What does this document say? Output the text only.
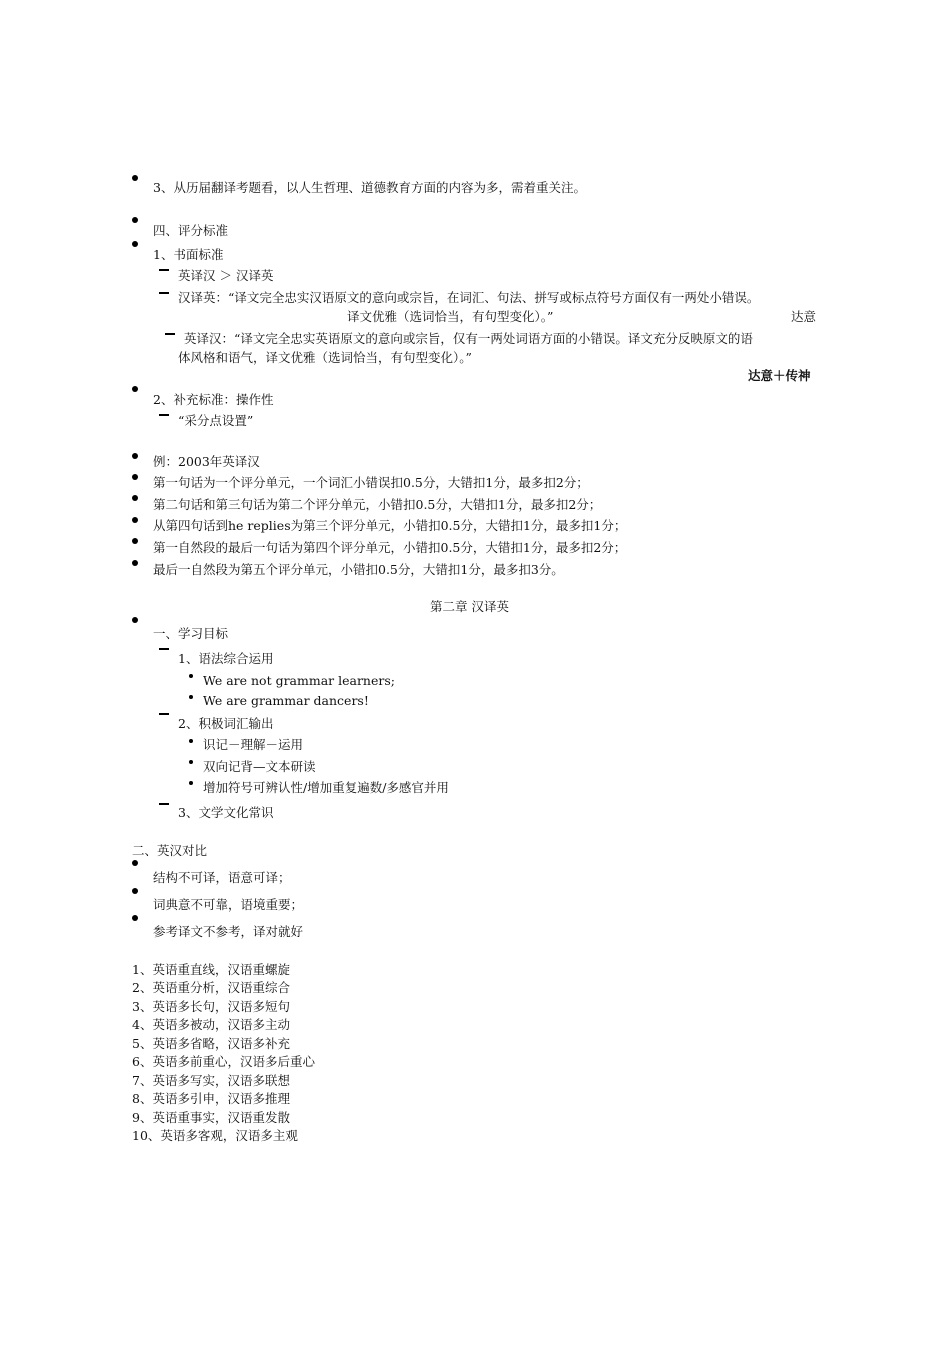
3、从历届翻译考题看，以人生哲理、道德教育方面的内容为多，需着重关注。
四、评分标准
1、书面标准
英译汉 ＞ 汉译英
汉译英：“译文完全忠实汉语原文的意向或宗旨，在词汇、句法、拼写或标点符号方面仅有一两处小错误。
译文优雅（选词恰当，有句型变化）。”	达意
英译汉：“译文完全忠实英语原文的意向或宗旨，仅有一两处词语方面的小错误。译文充分反映原文的语
体风格和语气，译文优雅（选词恰当，有句型变化）。”
达意＋传神
2、补充标准：操作性
“采分点设置”
例：2003年英译汉
第一句话为一个评分单元，一个词汇小错误扣0.5分，大错扣1分，最多扣2分；
第二句话和第三句话为第二个评分单元，小错扣0.5分，大错扣1分，最多扣2分；
从第四句话到he replies为第三个评分单元，小错扣0.5分，大错扣1分，最多扣1分；
第一自然段的最后一句话为第四个评分单元，小错扣0.5分，大错扣1分，最多扣2分；
最后一自然段为第五个评分单元，小错扣0.5分，大错扣1分，最多扣3分。
第二章 汉译英
一、学习目标
1、语法综合运用
We are not grammar learners;
We are grammar dancers!
2、积极词汇输出
识记－理解－运用
双向记背—文本研读
增加符号可辨认性/增加重复遍数/多感官并用
3、文学文化常识
二、英汉对比
结构不可译，语意可译；
词典意不可靠，语境重要；
参考译文不参考，译对就好
1、英语重直线，汉语重螺旋
2、英语重分析，汉语重综合
3、英语多长句，汉语多短句
4、英语多被动，汉语多主动
5、英语多省略，汉语多补充
6、英语多前重心，汉语多后重心
7、英语多写实，汉语多联想
8、英语多引申，汉语多推理
9、英语重事实，汉语重发散
10、英语多客观，汉语多主观
